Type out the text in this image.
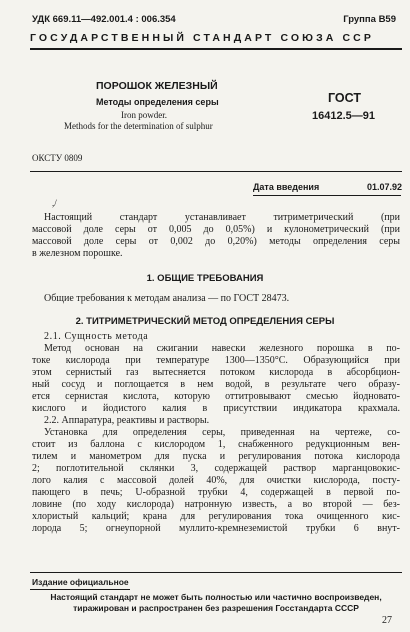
УДК 669.11—492.001.4 : 006.354	Группа В59
ГОСУДАРСТВЕННЫЙ СТАНДАРТ СОЮЗА ССР
ПОРОШОК ЖЕЛЕЗНЫЙ
Методы определения серы
Iron powder.
Methods for the determination of sulphur
ГОСТ
16412.5—91
ОКСТУ 0809
Дата введения	01.07.92
,/
Настоящий стандарт устанавливает титриметрический (при
массовой доле серы от 0,005 до 0,05%) и кулонометрический (при
массовой доле серы от 0,002 до 0,20%) методы определения серы
в железном порошке.
1. ОБЩИЕ ТРЕБОВАНИЯ
Общие требования к методам анализа — по ГОСТ 28473.
2. ТИТРИМЕТРИЧЕСКИЙ МЕТОД ОПРЕДЕЛЕНИЯ СЕРЫ
2.1. Сущность метода
Метод основан на сжигании навески железного порошка в по-
токе кислорода при температуре 1300—1350°С. Образующийся при
этом сернистый газ вытесняется потоком кислорода в абсорбцион-
ный сосуд и поглощается в нем водой, в результате чего образу-
ется сернистая кислота, которую оттитровывают смесью йодновато-
кислого и йодистого калия в присутствии индикатора крахмала.
2.2. Аппаратура, реактивы и растворы.
Установка для определения серы, приведенная на чертеже, со-
стоит из баллона с кислородом 1, снабженного редукционным вен-
тилем и манометром для пуска и регулирования потока кислорода
2; поглотительной склянки 3, содержащей раствор марганцовокис-
лого калия с массовой долей 40%, для очистки кислорода, посту-
пающего в печь; U-образной трубки 4, содержащей в первой по-
ловине (по ходу кислорода) натронную известь, а во второй — без-
хлористый кальций; крана для регулирования тока очищенного кис-
лорода 5; огнеупорной муллито-кремнеземистой трубки 6 внут-
Издание официальное
Настоящий стандарт не может быть полностью или частично воспроизведен,
тиражирован и распространен без разрешения Госстандарта СССР
27
